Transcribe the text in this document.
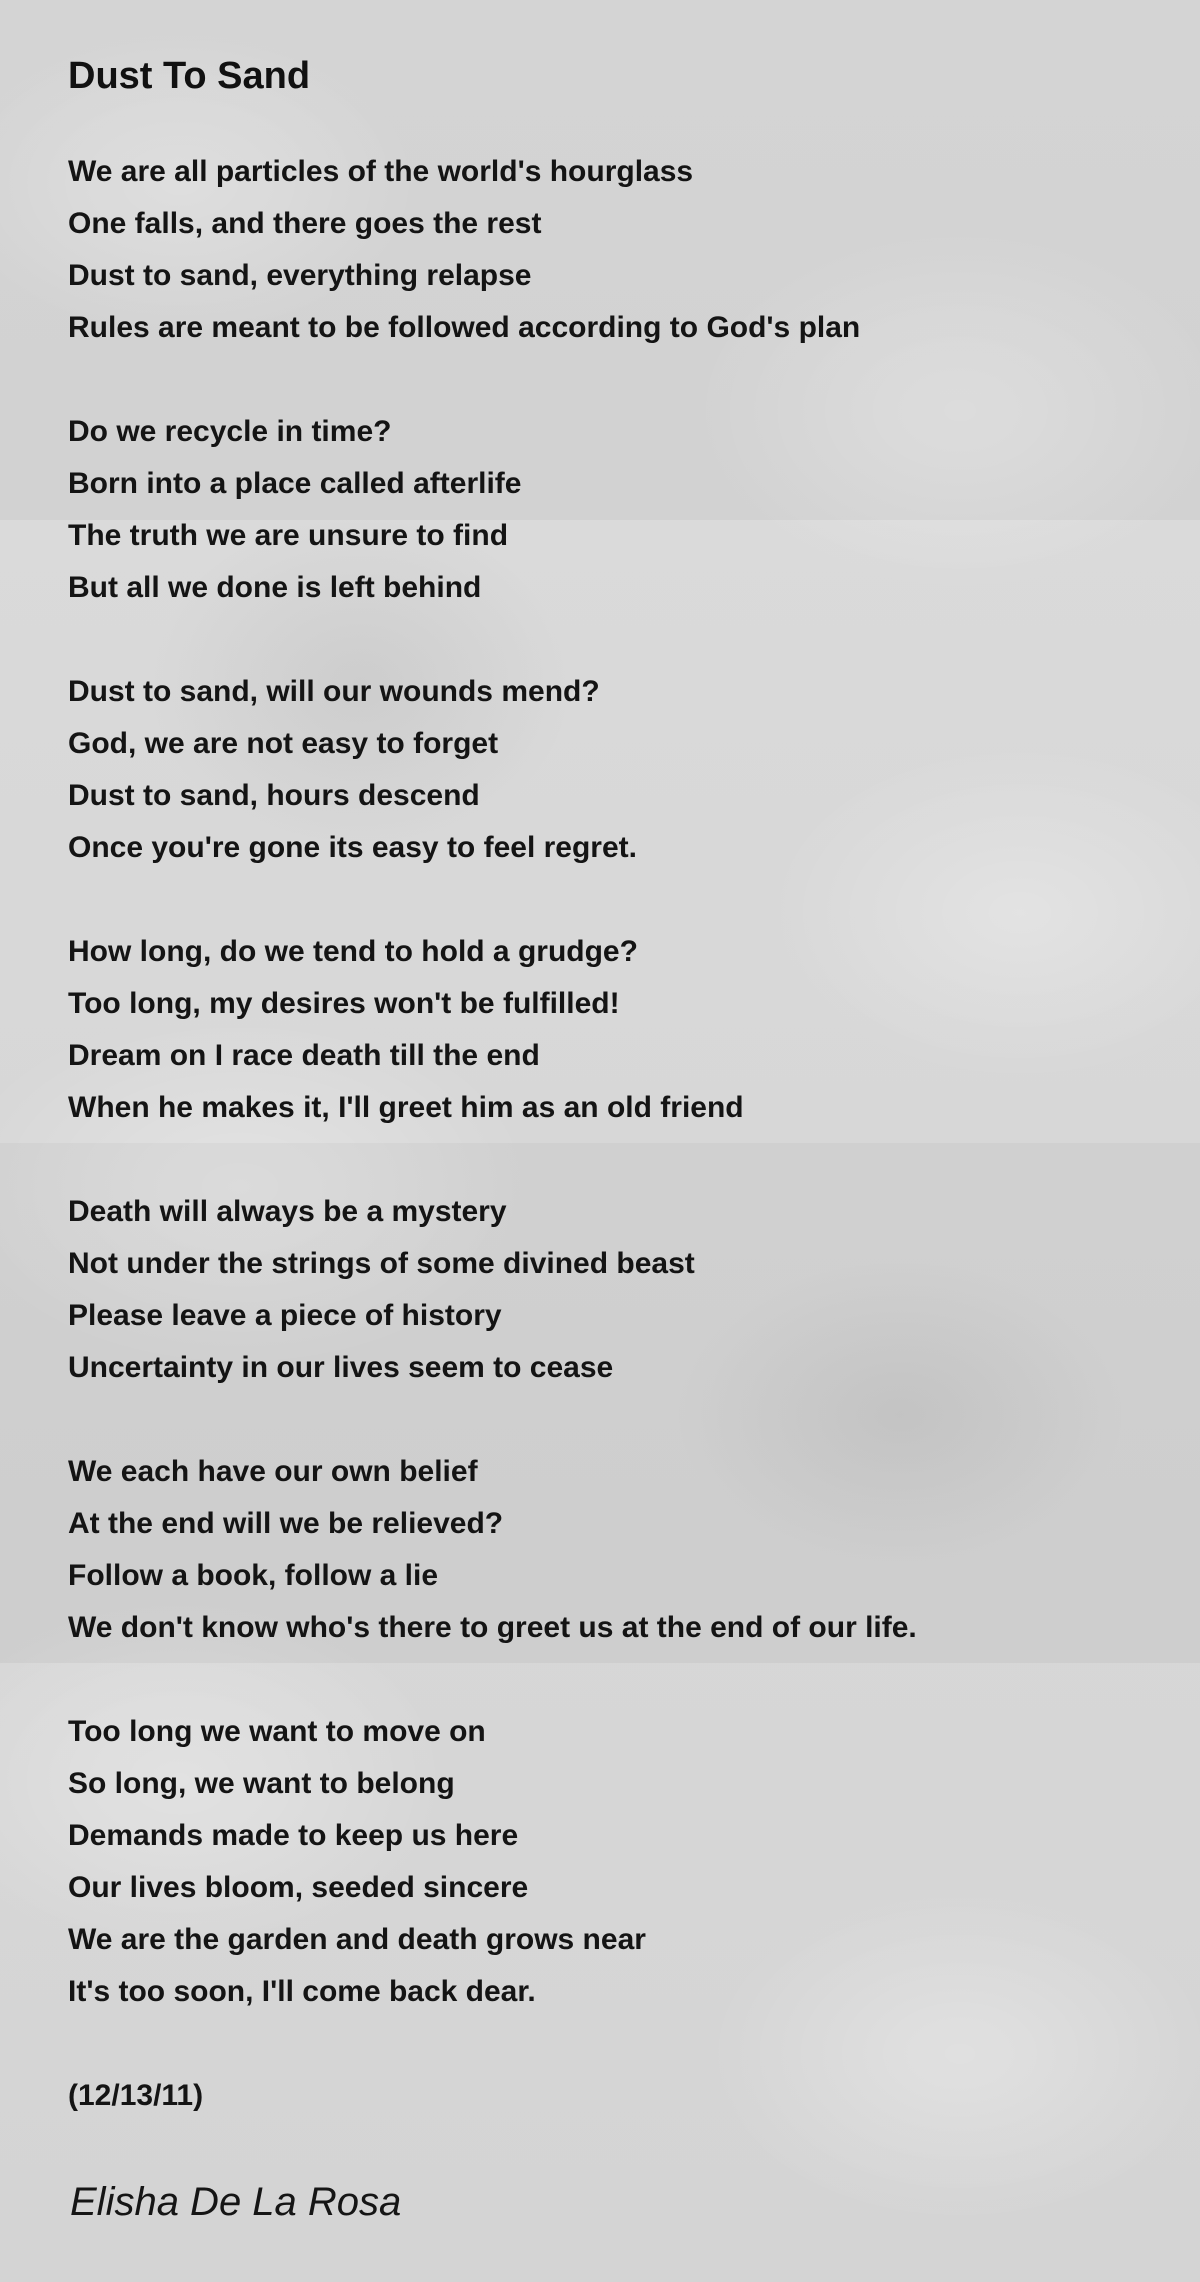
Dust To Sand
We are all particles of the world's hourglass
One falls, and there goes the rest
Dust to sand, everything relapse
Rules are meant to be followed according to God's plan
Do we recycle in time?
Born into a place called afterlife
The truth we are unsure to find
But all we done is left behind
Dust to sand, will our wounds mend?
God, we are not easy to forget
Dust to sand, hours descend
Once you're gone its easy to feel regret.
How long, do we tend to hold a grudge?
Too long, my desires won't be fulfilled!
Dream on I race death till the end
When he makes it, I'll greet him as an old friend
Death will always be a mystery
Not under the strings of some divined beast
Please leave a piece of history
Uncertainty in our lives seem to cease
We each have our own belief
At the end will we be relieved?
Follow a book, follow a lie
We don't know who's there to greet us at the end of our life.
Too long we want to move on
So long, we want to belong
Demands made to keep us here
Our lives bloom, seeded sincere
We are the garden and death grows near
It's too soon, I'll come back dear.
(12/13/11)
Elisha De La Rosa
